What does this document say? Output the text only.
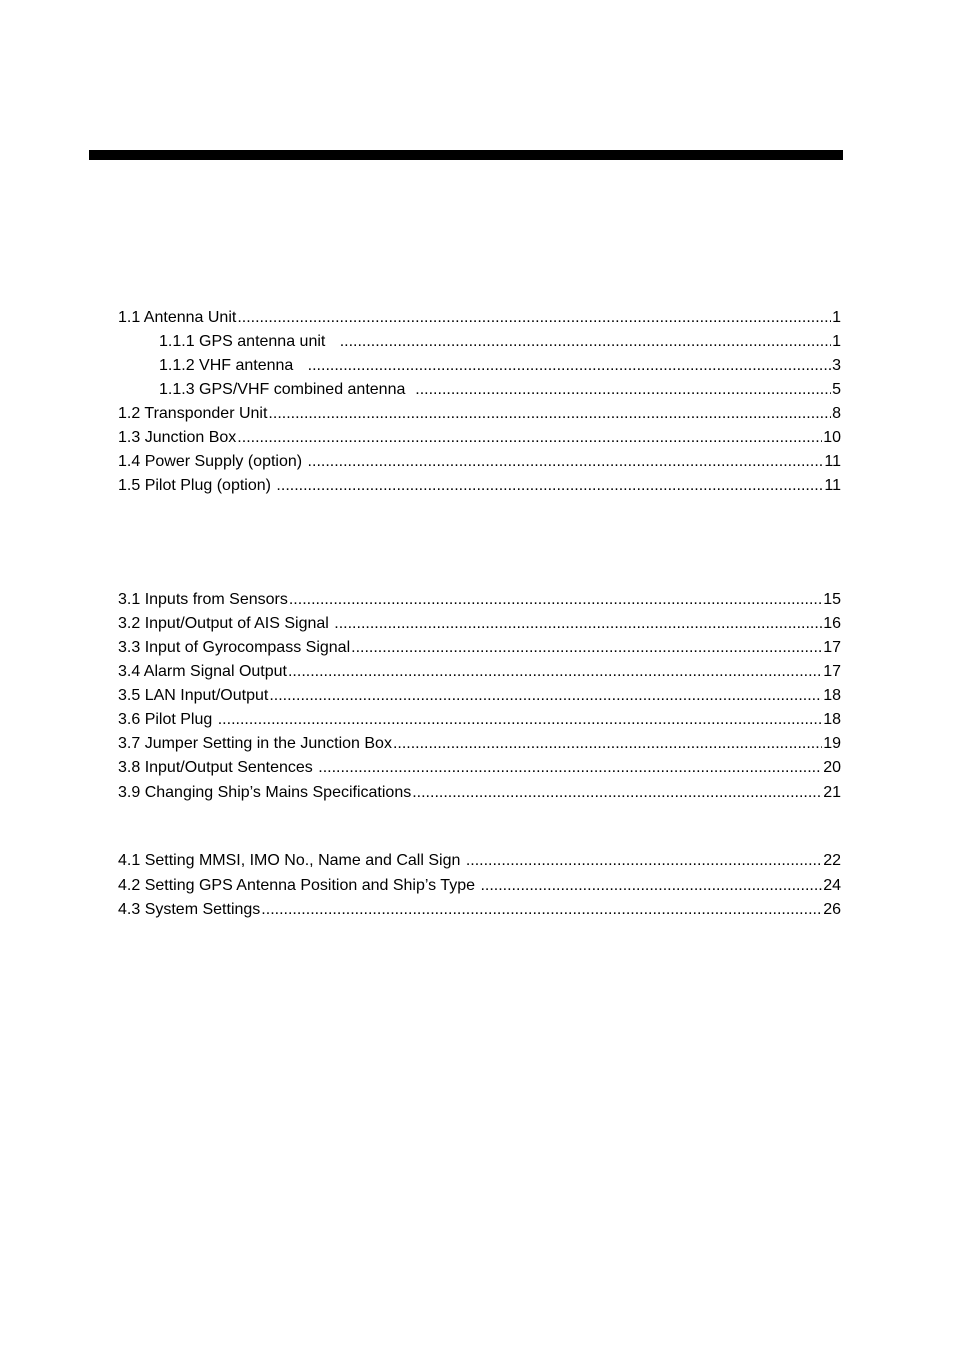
1.1 Antenna Unit .....	1
1.1.1 GPS antenna unit .....	1
1.1.2 VHF antenna .....	3
1.1.3 GPS/VHF combined antenna .....	5
1.2 Transponder Unit .....	8
1.3 Junction Box .....	10
1.4 Power Supply (option) .....	11
1.5 Pilot Plug (option) .....	11
3.1 Inputs from Sensors .....	15
3.2 Input/Output of AIS Signal .....	16
3.3 Input of Gyrocompass Signal .....	17
3.4 Alarm Signal Output .....	17
3.5 LAN Input/Output .....	18
3.6 Pilot Plug .....	18
3.7 Jumper Setting in the Junction Box .....	19
3.8 Input/Output Sentences .....	20
3.9 Changing Ship’s Mains Specifications .....	21
4.1 Setting MMSI, IMO No., Name and Call Sign .....	22
4.2 Setting GPS Antenna Position and Ship’s Type .....	24
4.3 System Settings .....	26
